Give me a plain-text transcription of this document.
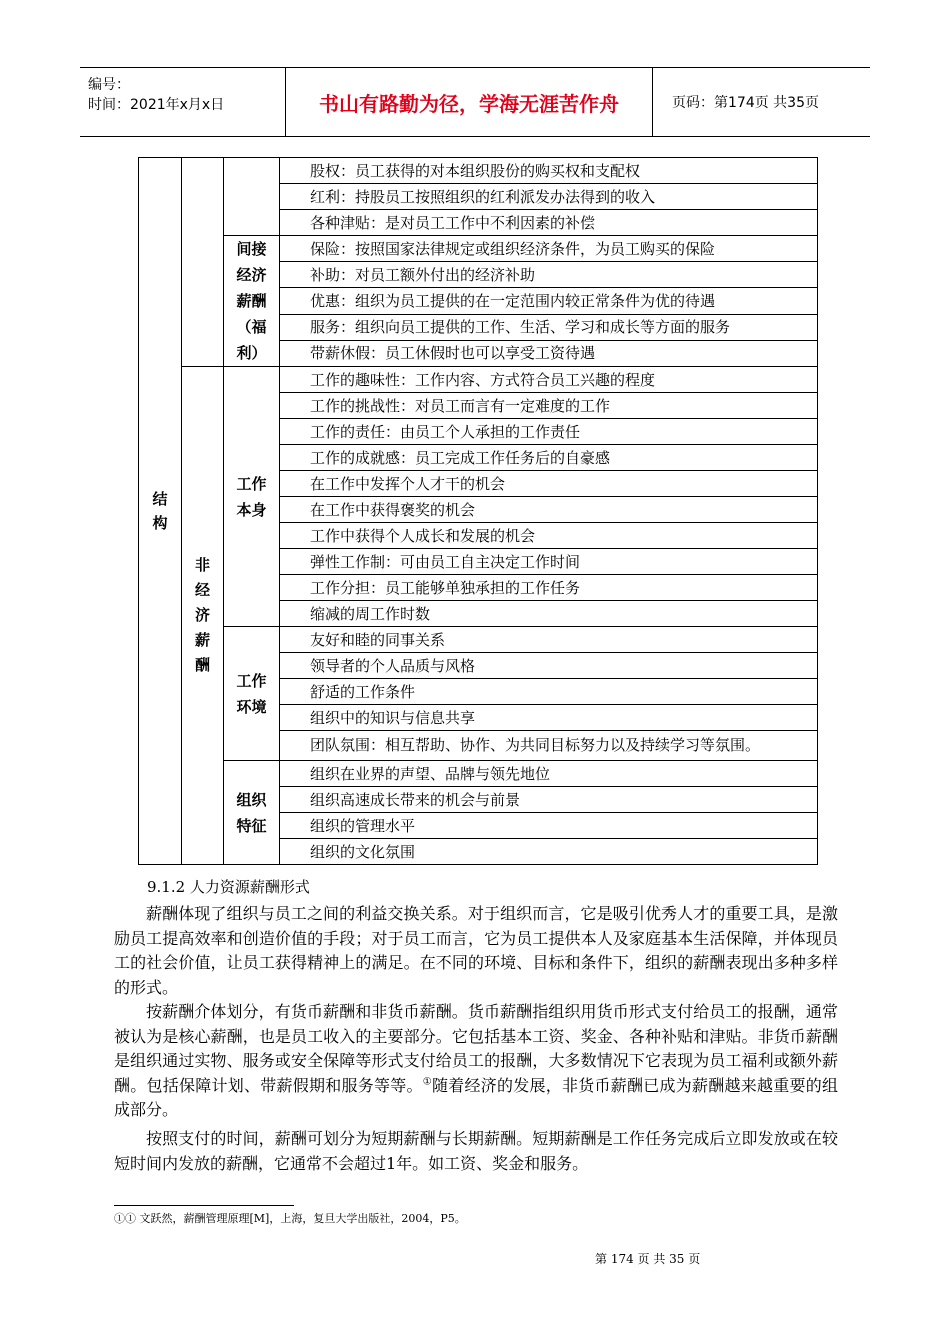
编号：
时间：2021年x月x日	书山有路勤为径，学海无涯苦作舟	页码：第174页 共35页
结构			股权：员工获得的对本组织股份的购买权和支配权
			红利：持股员工按照组织的红利派发办法得到的收入
			各种津贴：是对员工工作中不利因素的补偿

		间接经济薪酬（福利）	保险：按照国家法律规定或组织经济条件，为员工购买的保险
			补助：对员工额外付出的经济补助
			优惠：组织为员工提供的在一定范围内较正常条件为优的待遇
			服务：组织向员工提供的工作、生活、学习和成长等方面的服务
			带薪休假：员工休假时也可以享受工资待遇

	非经济薪酬	工作本身	工作的趣味性：工作内容、方式符合员工兴趣的程度
			工作的挑战性：对员工而言有一定难度的工作
			工作的责任：由员工个人承担的工作责任
			工作的成就感：员工完成工作任务后的自豪感
			在工作中发挥个人才干的机会
			在工作中获得褒奖的机会
			工作中获得个人成长和发展的机会
			弹性工作制：可由员工自主决定工作时间
			工作分担：员工能够单独承担的工作任务
			缩减的周工作时数

		工作环境	友好和睦的同事关系
			领导者的个人品质与风格
			舒适的工作条件
			组织中的知识与信息共享
			团队氛围：相互帮助、协作、为共同目标努力以及持续学习等氛围。

		组织特征	组织在业界的声望、品牌与领先地位
			组织高速成长带来的机会与前景
			组织的管理水平
			组织的文化氛围
9.1.2 人力资源薪酬形式

薪酬体现了组织与员工之间的利益交换关系。对于组织而言，它是吸引优秀人才的重要工具，是激励员工提高效率和创造价值的手段；对于员工而言，它为员工提供本人及家庭基本生活保障，并体现员工的社会价值，让员工获得精神上的满足。在不同的环境、目标和条件下，组织的薪酬表现出多种多样的形式。

按薪酬介体划分，有货币薪酬和非货币薪酬。货币薪酬指组织用货币形式支付给员工的报酬，通常被认为是核心薪酬，也是员工收入的主要部分。它包括基本工资、奖金、各种补贴和津贴。非货币薪酬是组织通过实物、服务或安全保障等形式支付给员工的报酬，大多数情况下它表现为员工福利或额外薪酬。包括保障计划、带薪假期和服务等等。①随着经济的发展，非货币薪酬已成为薪酬越来越重要的组成部分。

按照支付的时间，薪酬可划分为短期薪酬与长期薪酬。短期薪酬是工作任务完成后立即发放或在较短时间内发放的薪酬，它通常不会超过1年。如工资、奖金和服务。

①① 文跃然，薪酬管理原理[M]，上海，复旦大学出版社，2004，P5。
第 174 页 共 35 页
